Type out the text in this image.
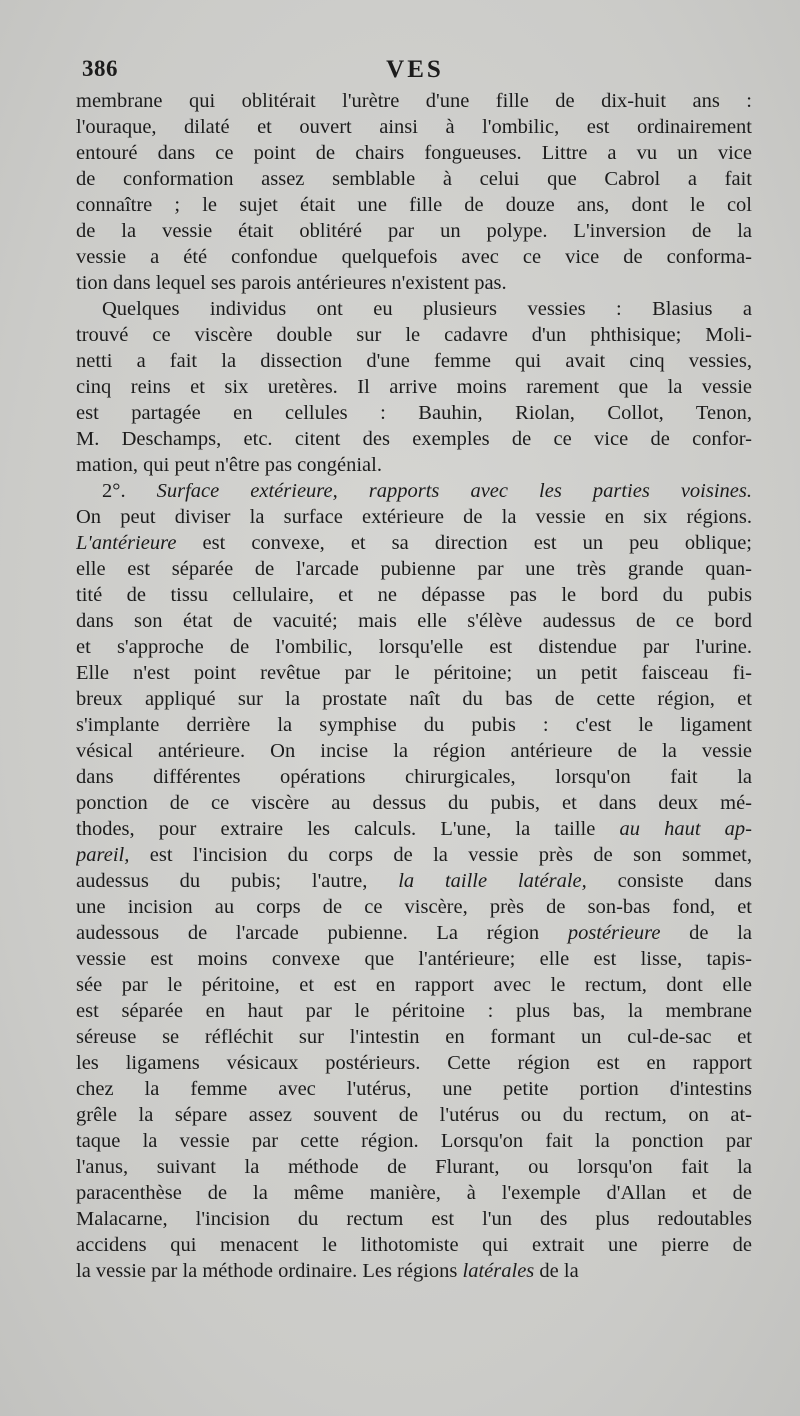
386	VES
membrane qui oblitérait l'urètre d'une fille de dix-huit ans :
l'ouraque, dilaté et ouvert ainsi à l'ombilic, est ordinairement
entouré dans ce point de chairs fongueuses. Littre a vu un vice
de conformation assez semblable à celui que Cabrol a fait
connaître ; le sujet était une fille de douze ans, dont le col
de la vessie était oblitéré par un polype. L'inversion de la
vessie a été confondue quelquefois avec ce vice de conforma-
tion dans lequel ses parois antérieures n'existent pas.
Quelques individus ont eu plusieurs vessies : Blasius a
trouvé ce viscère double sur le cadavre d'un phthisique; Moli-
netti a fait la dissection d'une femme qui avait cinq vessies,
cinq reins et six uretères. Il arrive moins rarement que la vessie
est partagée en cellules : Bauhin, Riolan, Collot, Tenon,
M. Deschamps, etc. citent des exemples de ce vice de confor-
mation, qui peut n'être pas congénial.
2°. Surface extérieure, rapports avec les parties voisines.
On peut diviser la surface extérieure de la vessie en six régions.
L'antérieure est convexe, et sa direction est un peu oblique;
elle est séparée de l'arcade pubienne par une très grande quan-
tité de tissu cellulaire, et ne dépasse pas le bord du pubis
dans son état de vacuité; mais elle s'élève audessus de ce bord
et s'approche de l'ombilic, lorsqu'elle est distendue par l'urine.
Elle n'est point revêtue par le péritoine; un petit faisceau fi-
breux appliqué sur la prostate naît du bas de cette région, et
s'implante derrière la symphise du pubis : c'est le ligament
vésical antérieure. On incise la région antérieure de la vessie
dans différentes opérations chirurgicales, lorsqu'on fait la
ponction de ce viscère au dessus du pubis, et dans deux mé-
thodes, pour extraire les calculs. L'une, la taille au haut ap-
pareil, est l'incision du corps de la vessie près de son sommet,
audessus du pubis; l'autre, la taille latérale, consiste dans
une incision au corps de ce viscère, près de son-bas fond, et
audessous de l'arcade pubienne. La région postérieure de la
vessie est moins convexe que l'antérieure; elle est lisse, tapis-
sée par le péritoine, et est en rapport avec le rectum, dont elle
est séparée en haut par le péritoine : plus bas, la membrane
séreuse se réfléchit sur l'intestin en formant un cul-de-sac et
les ligamens vésicaux postérieurs. Cette région est en rapport
chez la femme avec l'utérus, une petite portion d'intestins
grêle la sépare assez souvent de l'utérus ou du rectum, on at-
taque la vessie par cette région. Lorsqu'on fait la ponction par
l'anus, suivant la méthode de Flurant, ou lorsqu'on fait la
paracenthèse de la même manière, à l'exemple d'Allan et de
Malacarne, l'incision du rectum est l'un des plus redoutables
accidens qui menacent le lithotomiste qui extrait une pierre de
la vessie par la méthode ordinaire. Les régions latérales de la
